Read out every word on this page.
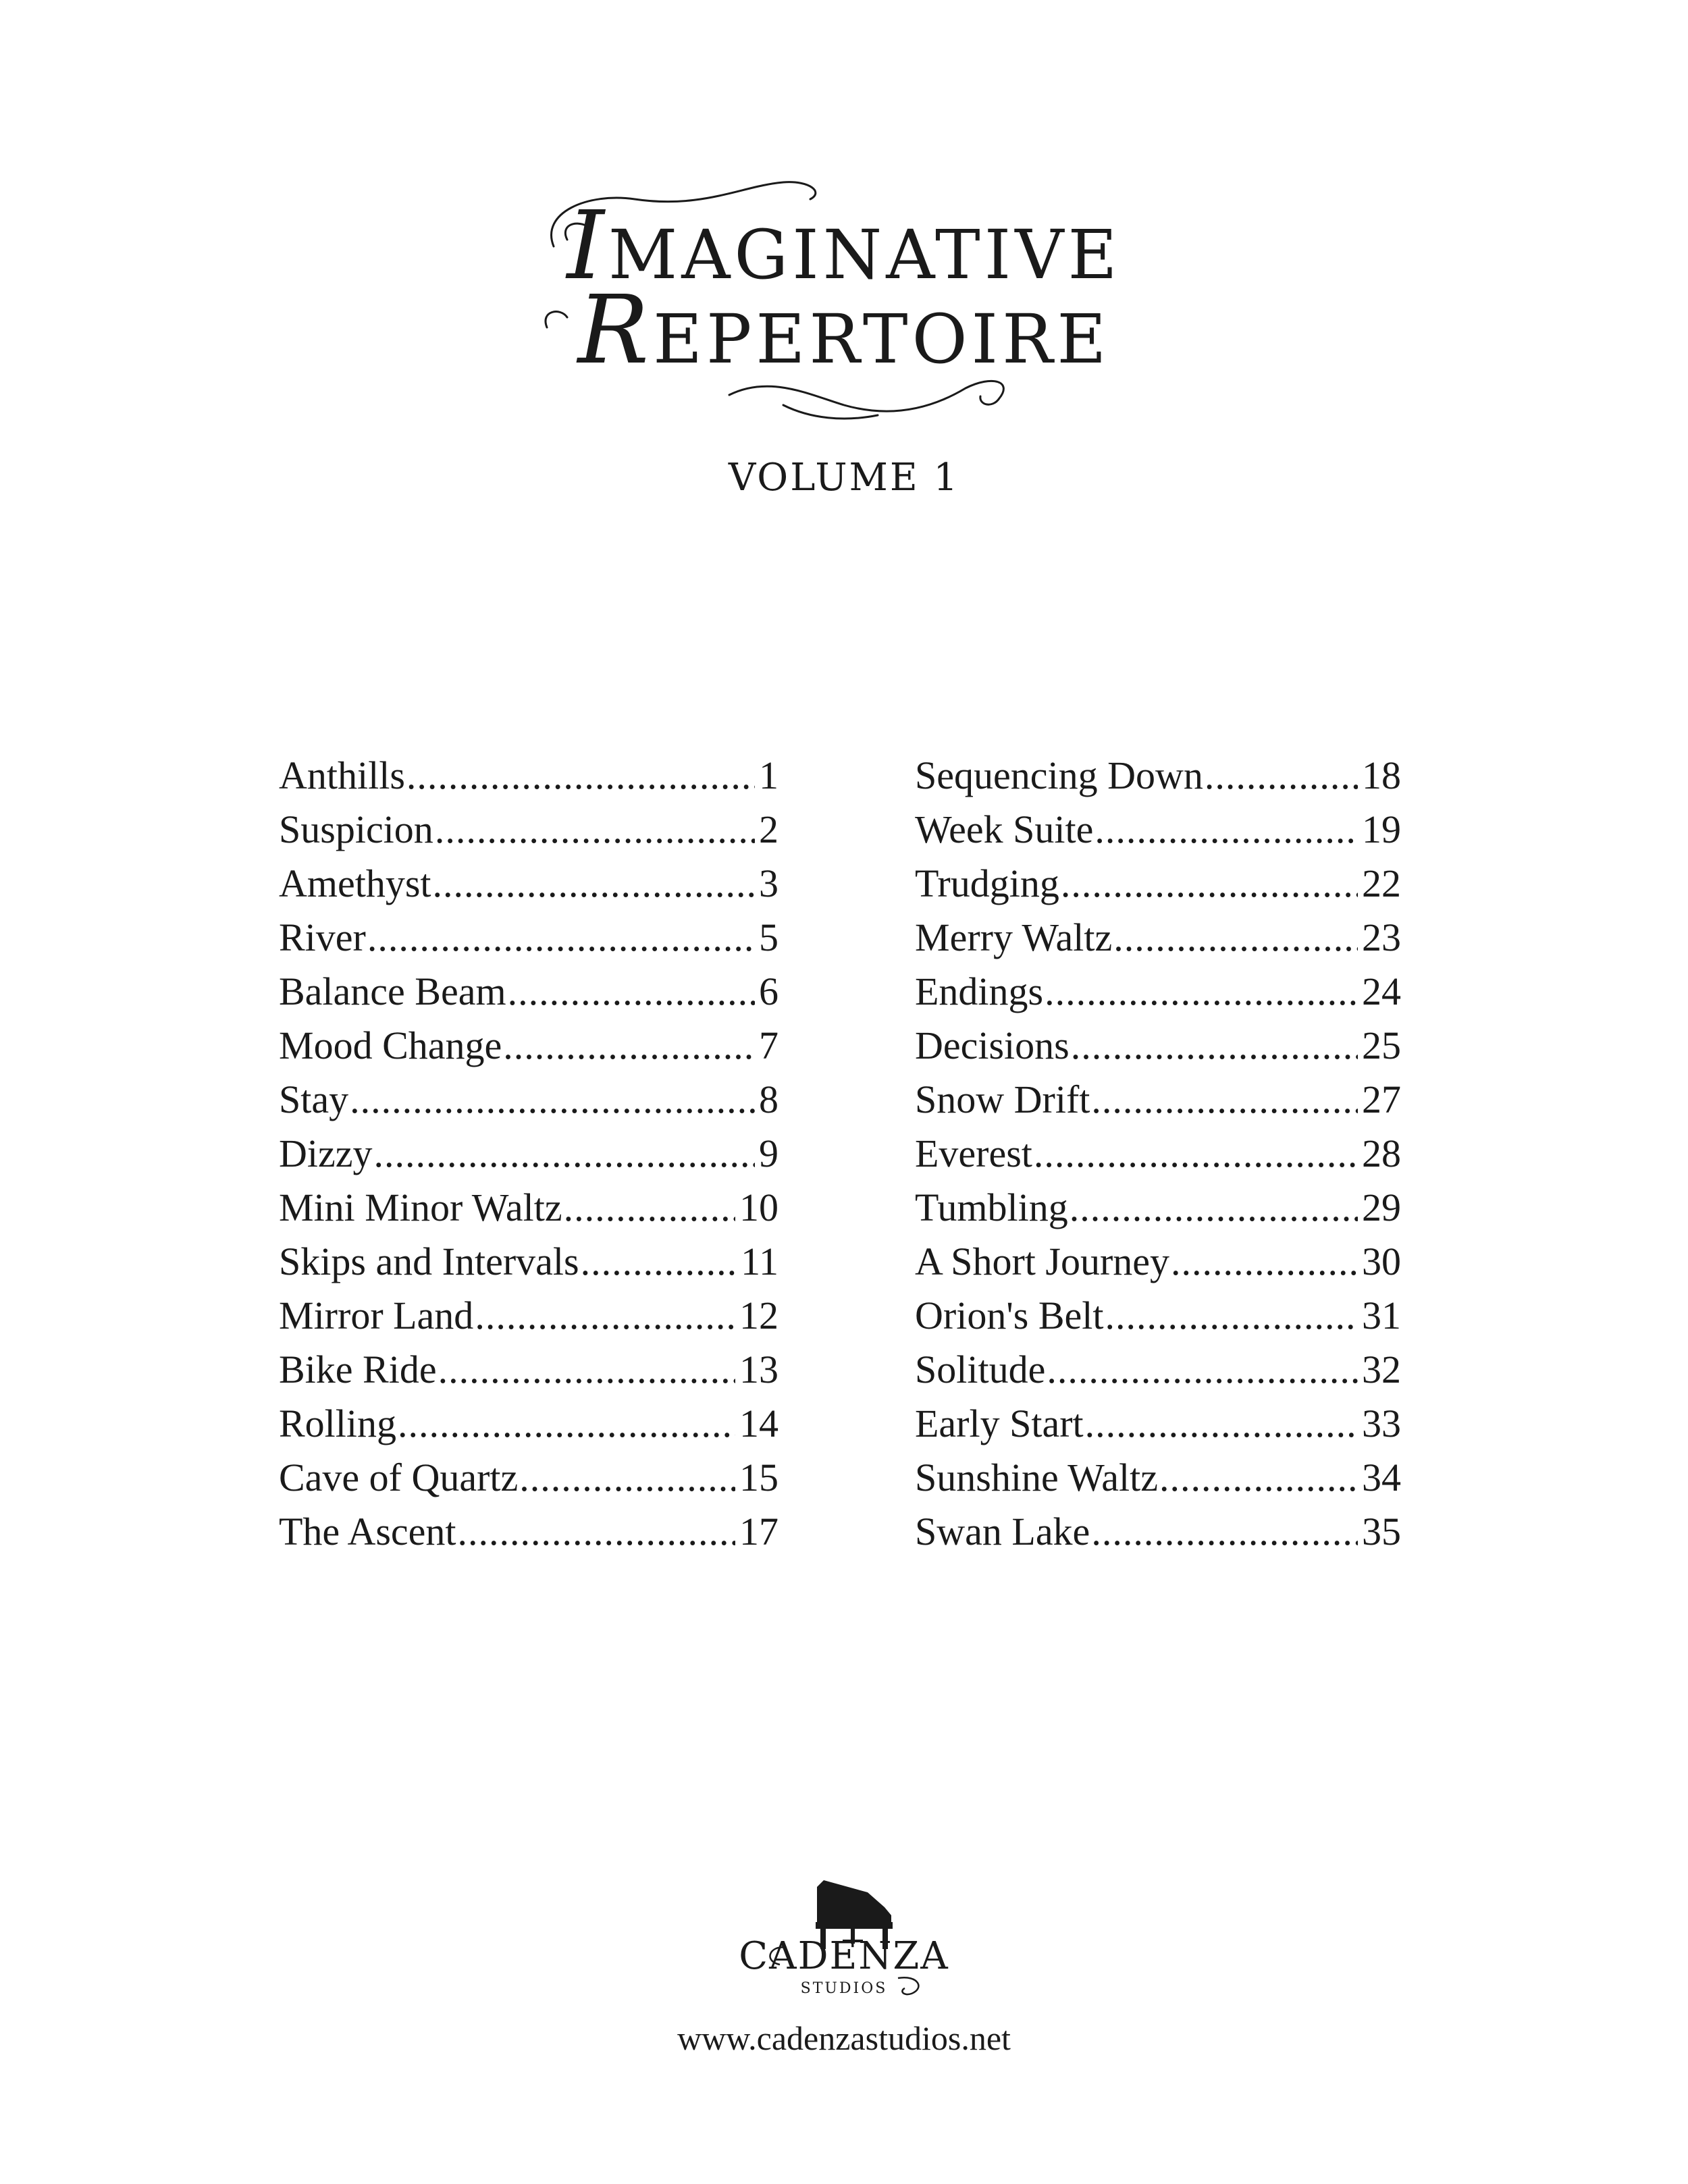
IMAGINATIVE
REPERTOIRE
VOLUME 1
Anthills .....	1
Suspicion .....	2
Amethyst .....	3
River .....	5
Balance Beam .....	6
Mood Change .....	7
Stay .....	8
Dizzy .....	9
Mini Minor Waltz .....	10
Skips and Intervals .....	11
Mirror Land .....	12
Bike Ride .....	13
Rolling .....	14
Cave of Quartz .....	15
The Ascent .....	17
Sequencing Down .....	18
Week Suite .....	19
Trudging .....	22
Merry Waltz .....	23
Endings .....	24
Decisions .....	25
Snow Drift .....	27
Everest .....	28
Tumbling .....	29
A Short Journey .....	30
Orion's Belt .....	31
Solitude .....	32
Early Start .....	33
Sunshine Waltz .....	34
Swan Lake .....	35
CADENZA
STUDIOS
www.cadenzastudios.net
